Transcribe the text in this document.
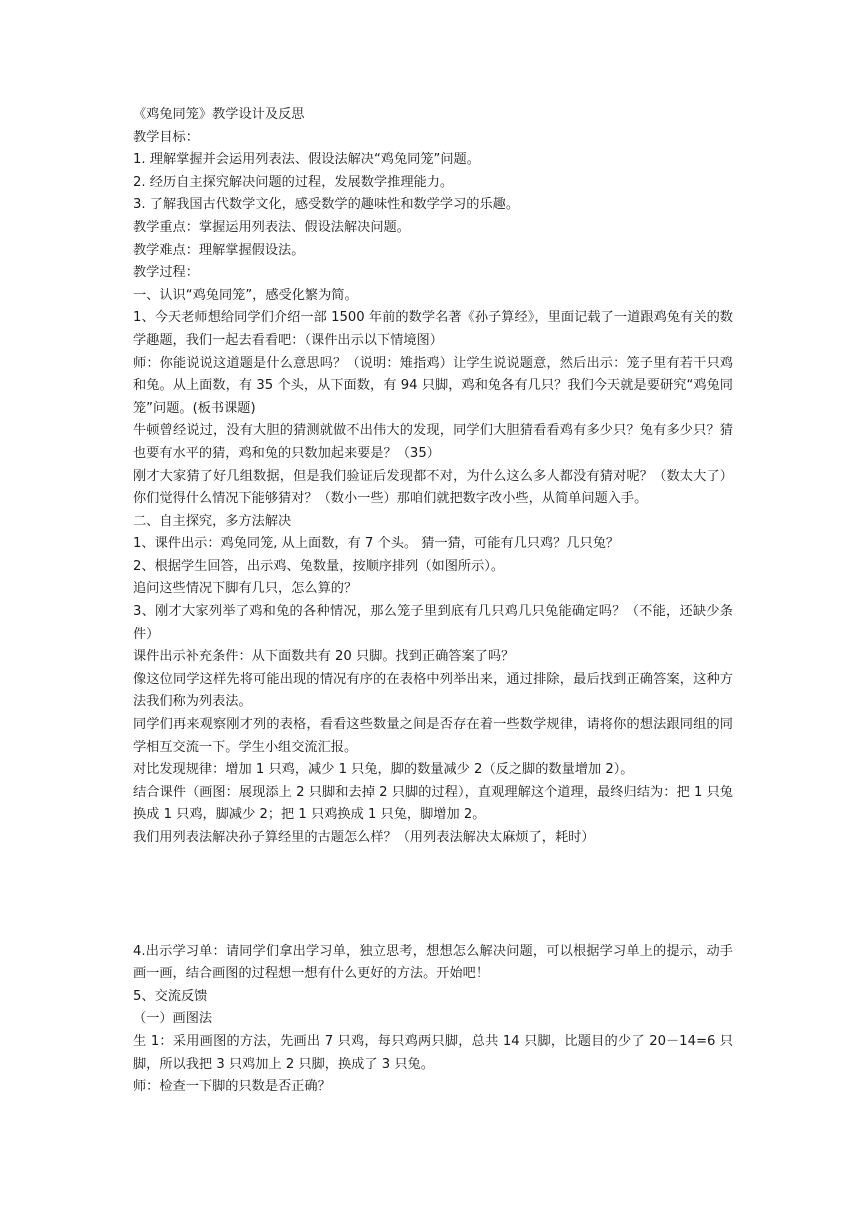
《鸡兔同笼》教学设计及反思

教学目标：

1. 理解掌握并会运用列表法、假设法解决“鸡兔同笼”问题。

2. 经历自主探究解决问题的过程，发展数学推理能力。

3. 了解我国古代数学文化，感受数学的趣味性和数学学习的乐趣。

教学重点：掌握运用列表法、假设法解决问题。

教学难点：理解掌握假设法。

教学过程：

一、认识“鸡兔同笼”，感受化繁为简。

1、今天老师想给同学们介绍一部 1500 年前的数学名著《孙子算经》，里面记载了一道跟鸡兔有关的数学趣题，我们一起去看看吧：（课件出示以下情境图）

师：你能说说这道题是什么意思吗？（说明：雉指鸡）让学生说说题意，然后出示：笼子里有若干只鸡和兔。从上面数，有 35 个头，从下面数，有 94 只脚，鸡和兔各有几只？我们今天就是要研究“鸡兔同笼”问题。(板书课题)

牛顿曾经说过，没有大胆的猜测就做不出伟大的发现，同学们大胆猜看看鸡有多少只？兔有多少只？猜也要有水平的猜，鸡和兔的只数加起来要是？（35）

刚才大家猜了好几组数据，但是我们验证后发现都不对，为什么这么多人都没有猜对呢？（数太大了）你们觉得什么情况下能够猜对？（数小一些）那咱们就把数字改小些，从简单问题入手。

二、自主探究，多方法解决

1、课件出示：鸡兔同笼, 从上面数，有 7 个头。 猜一猜，可能有几只鸡？几只兔？

2、根据学生回答，出示鸡、兔数量，按顺序排列（如图所示）。

追问这些情况下脚有几只，怎么算的？

3、刚才大家列举了鸡和兔的各种情况，那么笼子里到底有几只鸡几只兔能确定吗？（不能，还缺少条件）

课件出示补充条件：从下面数共有 20 只脚。找到正确答案了吗？

像这位同学这样先将可能出现的情况有序的在表格中列举出来，通过排除，最后找到正确答案，这种方法我们称为列表法。

同学们再来观察刚才列的表格，看看这些数量之间是否存在着一些数学规律，请将你的想法跟同组的同学相互交流一下。学生小组交流汇报。

对比发现规律：增加 1 只鸡，减少 1 只兔，脚的数量减少 2（反之脚的数量增加 2）。

结合课件（画图：展现添上 2 只脚和去掉 2 只脚的过程），直观理解这个道理，最终归结为：把 1 只兔换成 1 只鸡，脚减少 2；把 1 只鸡换成 1 只兔，脚增加 2。

我们用列表法解决孙子算经里的古题怎么样？（用列表法解决太麻烦了，耗时）

4.出示学习单：请同学们拿出学习单，独立思考，想想怎么解决问题，可以根据学习单上的提示，动手画一画，结合画图的过程想一想有什么更好的方法。开始吧！

5、交流反馈

（一）画图法

生 1：采用画图的方法，先画出 7 只鸡，每只鸡两只脚，总共 14 只脚，比题目的少了 20－14=6 只脚，所以我把 3 只鸡加上 2 只脚，换成了 3 只兔。

师：检查一下脚的只数是否正确？
